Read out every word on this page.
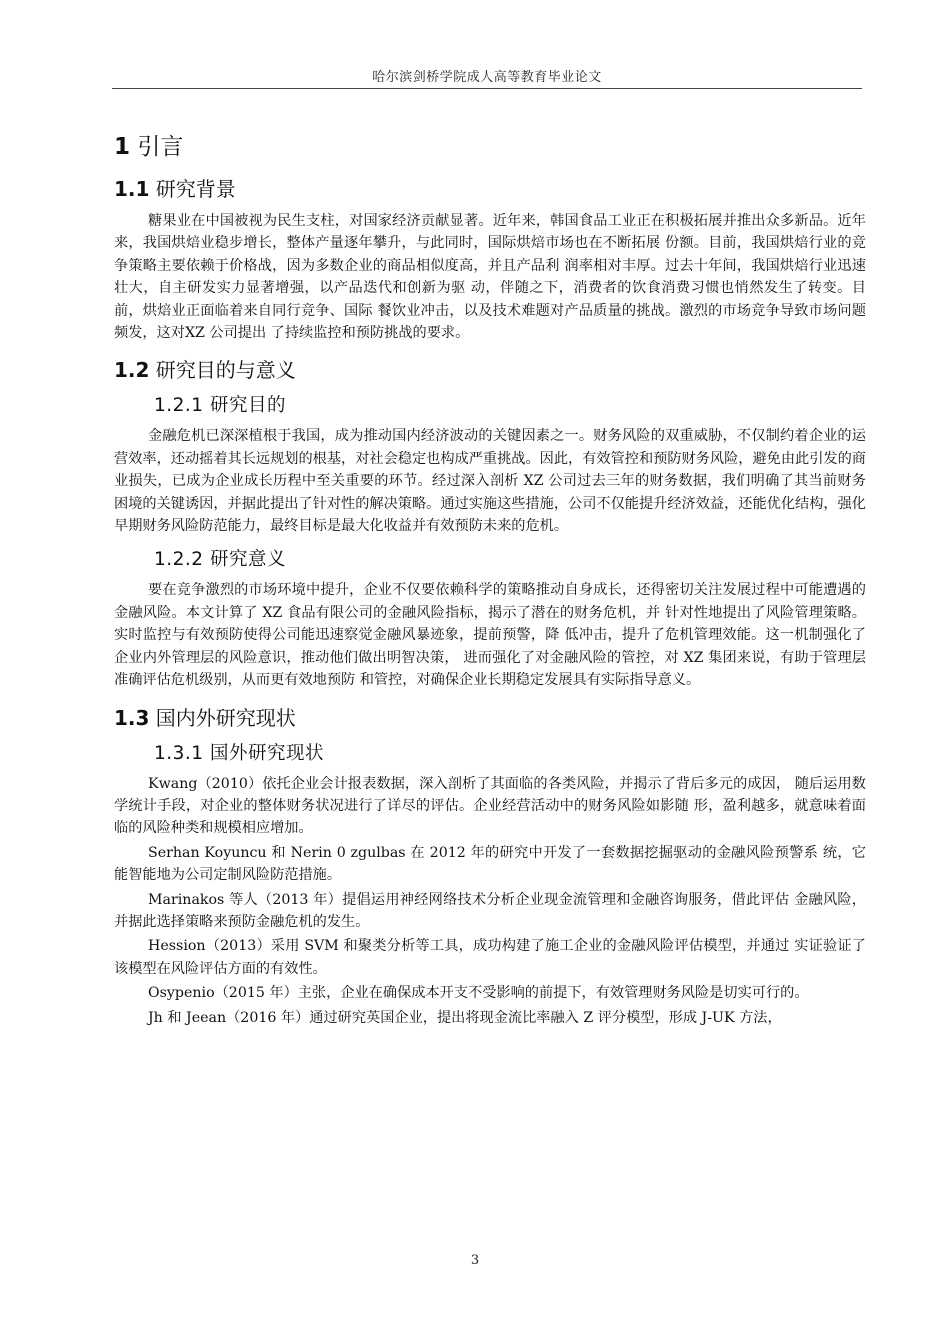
哈尔滨剑桥学院成人高等教育毕业论文
1 引言
1.1 研究背景

糖果业在中国被视为民生支柱，对国家经济贡献显著。近年来，韩国食品工业正在积极拓展并推出众多新品。近年来，我国烘焙业稳步增长，整体产量逐年攀升，与此同时，国际烘焙市场也在不断拓展 份额。目前，我国烘焙行业的竞争策略主要依赖于价格战，因为多数企业的商品相似度高，并且产品利 润率相对丰厚。过去十年间，我国烘焙行业迅速壮大，自主研发实力显著增强，以产品迭代和创新为驱 动，伴随之下，消费者的饮食消费习惯也悄然发生了转变。目前，烘焙业正面临着来自同行竞争、国际 餐饮业冲击，以及技术难题对产品质量的挑战。激烈的市场竞争导致市场问题频发，这对XZ 公司提出 了持续监控和预防挑战的要求。

1.2 研究目的与意义
1.2.1 研究目的

金融危机已深深植根于我国，成为推动国内经济波动的关键因素之一。财务风险的双重威胁，不仅制约着企业的运营效率，还动摇着其长远规划的根基，对社会稳定也构成严重挑战。因此，有效管控和预防财务风险，避免由此引发的商业损失，已成为企业成长历程中至关重要的环节。经过深入剖析 XZ 公司过去三年的财务数据，我们明确了其当前财务困境的关键诱因，并据此提出了针对性的解决策略。通过实施这些措施，公司不仅能提升经济效益，还能优化结构，强化早期财务风险防范能力，最终目标是最大化收益并有效预防未来的危机。

1.2.2 研究意义

要在竞争激烈的市场环境中提升，企业不仅要依赖科学的策略推动自身成长，还得密切关注发展过程中可能遭遇的金融风险。本文计算了 XZ 食品有限公司的金融风险指标，揭示了潜在的财务危机，并 针对性地提出了风险管理策略。实时监控与有效预防使得公司能迅速察觉金融风暴迹象，提前预警，降 低冲击，提升了危机管理效能。这一机制强化了企业内外管理层的风险意识，推动他们做出明智决策， 进而强化了对金融风险的管控，对 XZ 集团来说，有助于管理层准确评估危机级别，从而更有效地预防 和管控，对确保企业长期稳定发展具有实际指导意义。

1.3 国内外研究现状
1.3.1 国外研究现状

Kwang（2010）依托企业会计报表数据，深入剖析了其面临的各类风险，并揭示了背后多元的成因， 随后运用数学统计手段，对企业的整体财务状况进行了详尽的评估。企业经营活动中的财务风险如影随 形，盈利越多，就意味着面临的风险种类和规模相应增加。

Serhan Koyuncu 和 Nerin 0 zgulbas 在 2012 年的研究中开发了一套数据挖掘驱动的金融风险预警系 统，它能智能地为公司定制风险防范措施。

Marinakos 等人（2013 年）提倡运用神经网络技术分析企业现金流管理和金融咨询服务，借此评估 金融风险，并据此选择策略来预防金融危机的发生。

Hession（2013）采用 SVM 和聚类分析等工具，成功构建了施工企业的金融风险评估模型，并通过 实证验证了该模型在风险评估方面的有效性。

Osypenio（2015 年）主张，企业在确保成本开支不受影响的前提下，有效管理财务风险是切实可行的。

Jh 和 Jeean（2016 年）通过研究英国企业，提出将现金流比率融入 Z 评分模型，形成 J-UK 方法，

3
